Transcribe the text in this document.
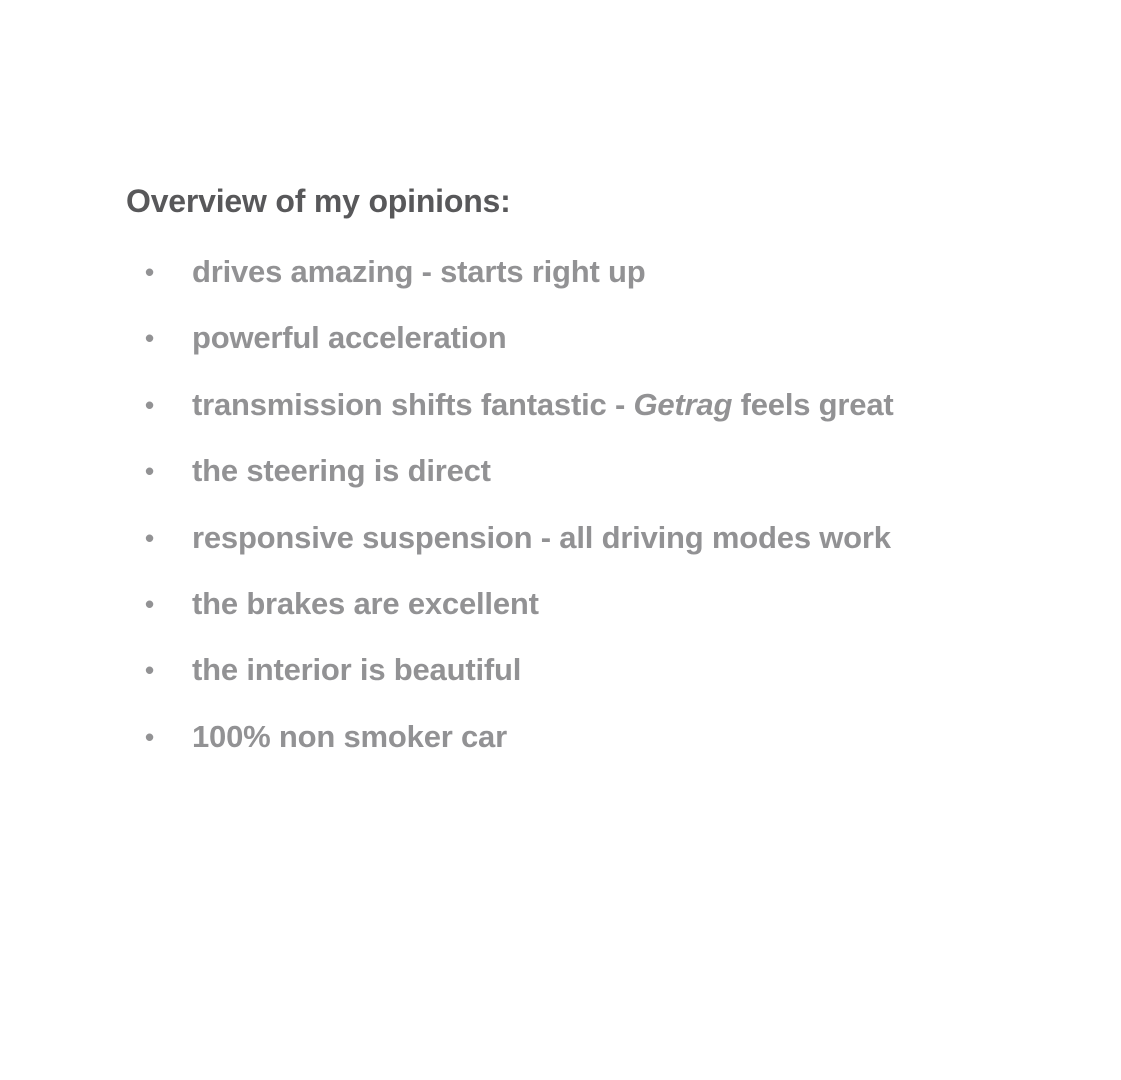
Overview of my opinions:
•	drives amazing - starts right up
•	powerful acceleration
•	transmission shifts fantastic - Getrag feels great
•	the steering is direct
•	responsive suspension - all driving modes work
•	the brakes are excellent
•	the interior is beautiful
•	100% non smoker car
